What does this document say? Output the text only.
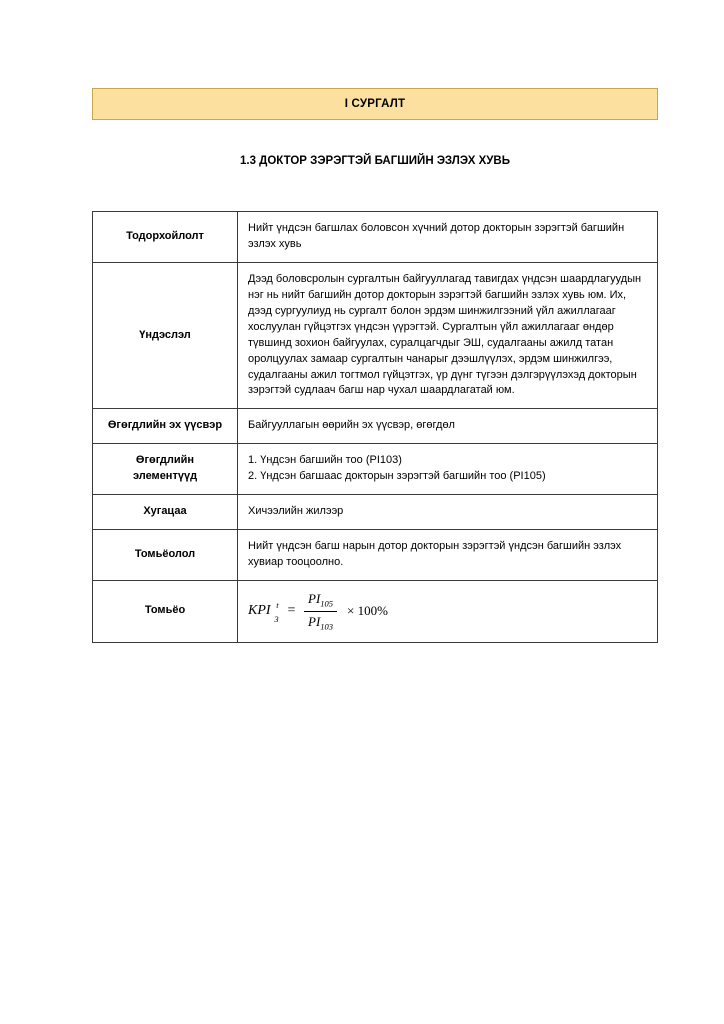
I СУРГАЛТ
1.3 ДОКТОР ЗЭРЭГТЭЙ БАГШИЙН ЭЗЛЭХ ХУВЬ
Тодорхойлолт	Нийт үндсэн багшлах боловсон хүчний дотор докторын зэрэгтэй багшийн эзлэх хувь
Үндэслэл	Дээд боловсролын сургалтын байгууллагад тавигдах үндсэн шаардлагуудын нэг нь нийт багшийн дотор докторын зэрэгтэй багшийн эзлэх хувь юм. Их, дээд сургуулиуд нь сургалт болон эрдэм шинжилгээний үйл ажиллагааг хослуулан гүйцэтгэх үндсэн үүрэгтэй. Сургалтын үйл ажиллагааг өндөр түвшинд зохион байгуулах, суралцагчдыг ЭШ, судалгааны ажилд татан оролцуулах замаар сургалтын чанарыг дээшлүүлэх, эрдэм шинжилгээ, судалгааны ажил тогтмол гүйцэтгэх, үр дүнг түгээн дэлгэрүүлэхэд докторын зэрэгтэй судлаач багш нар чухал шаардлагатай юм.
Өгөгдлийн эх үүсвэр	Байгууллагын өөрийн эх үүсвэр, өгөгдөл
Өгөгдлийн элементүүд	1. Үндсэн багшийн тоо (PI103)
2. Үндсэн багшаас докторын зэрэгтэй багшийн тоо (PI105)

Хугацаа	Хичээлийн жилээр
Томьёолол	Нийт үндсэн багш нарын дотор докторын зэрэгтэй үндсэн багшийн эзлэх хувиар тооцоолно.
Томьёо	KPI t
3
= $\frac{PI_{105}}{PI_{103}} \times 100\%$
